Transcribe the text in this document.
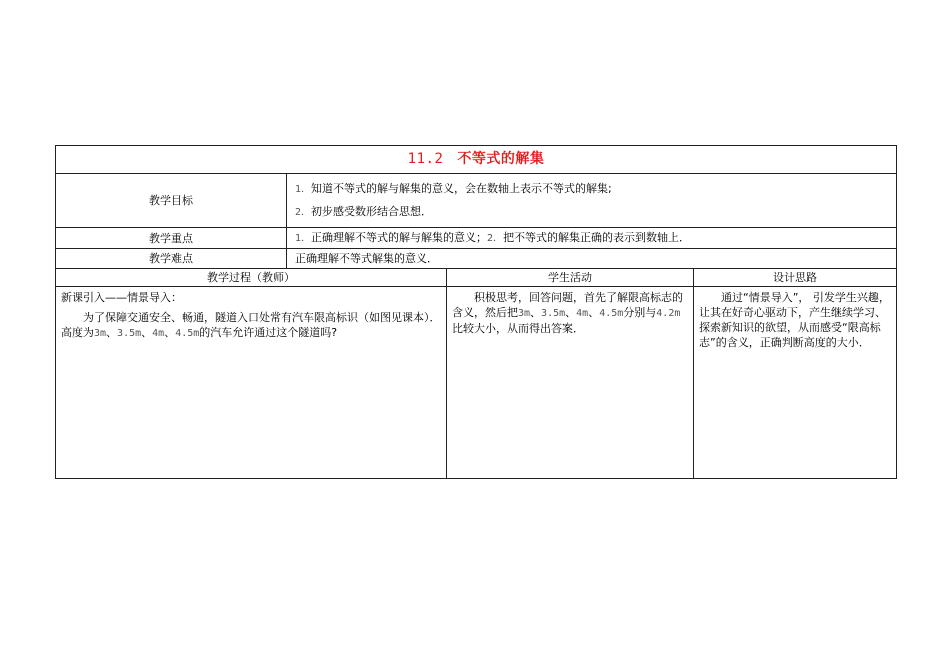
11.2 不等式的解集			
教学目标	1．知道不等式的解与解集的意义，会在数轴上表示不等式的解集;
2．初步感受数形结合思想．		

教学重点	1．正确理解不等式的解与解集的意义；2．把不等式的解集正确的表示到数轴上．		
教学难点	正确理解不等式解集的意义．		
教学过程（教师）		学生活动	设计思路

新课引入——情景导入：

为了保障交通安全、畅通，隧道入口处常有汽车限高标识（如图见课本）．高度为3m、3.5m、4m、4.5m的汽车允许通过这个隧道吗?		积极思考，回答问题，首先了解限高标志的含义，然后把3m、3.5m、4m、4.5m分别与4.2m比较大小，从而得出答案．	通过“情景导入”， 引发学生兴趣，让其在好奇心驱动下，产生继续学习、探索新知识的欲望，从而感受“限高标志”的含义，正确判断高度的大小．
